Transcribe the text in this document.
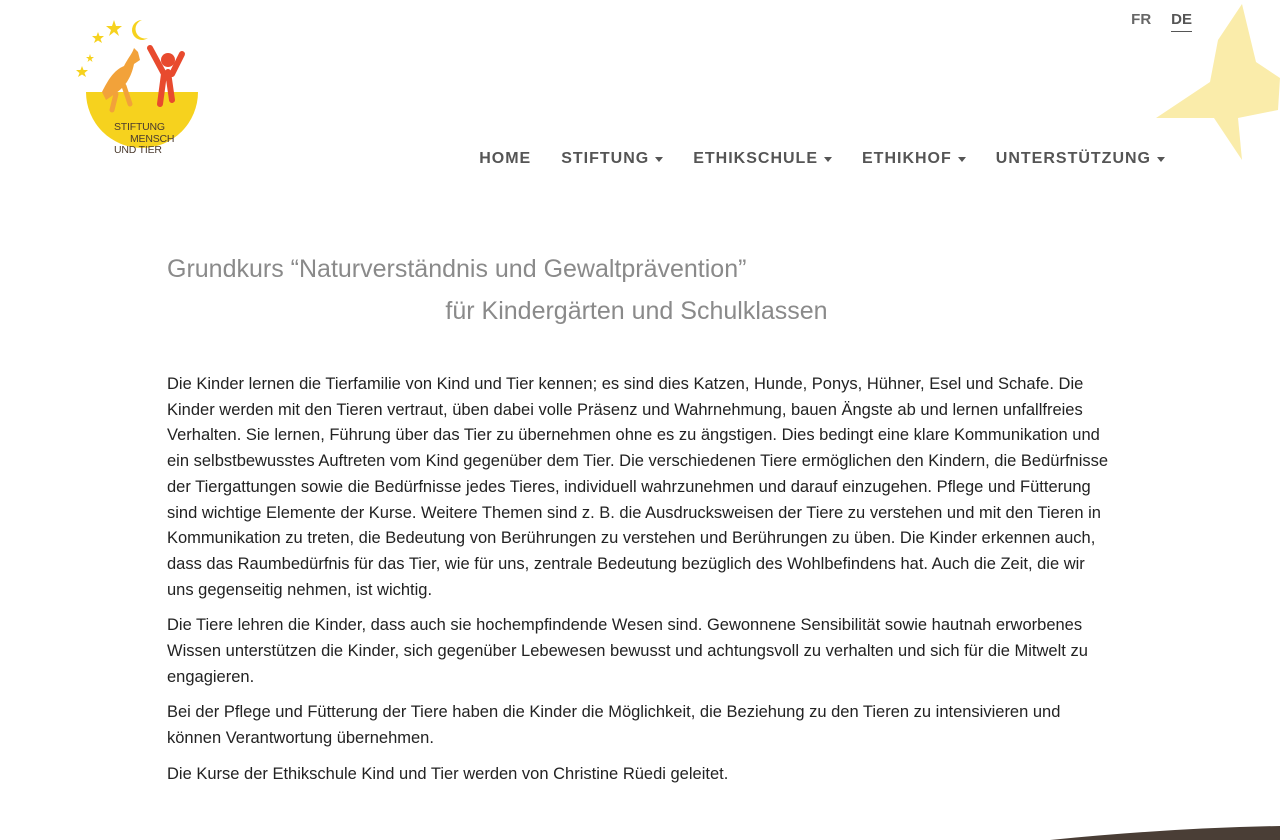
STIFTUNG
MENSCH
UND TIER
FR DE
HOME STIFTUNG	ETHIKSCHULE	ETHIKHOF	UNTERSTÜTZUNG
Grundkurs “Naturverständnis und Gewaltprävention”
für Kindergärten und Schulklassen

Die Kinder lernen die Tierfamilie von Kind und Tier kennen; es sind dies Katzen, Hunde, Ponys, Hühner, Esel und Schafe. Die Kinder werden mit den Tieren vertraut, üben dabei volle Präsenz und Wahrnehmung, bauen Ängste ab und lernen unfallfreies Verhalten. Sie lernen, Führung über das Tier zu übernehmen ohne es zu ängstigen. Dies bedingt eine klare Kommunikation und ein selbstbewusstes Auftreten vom Kind gegenüber dem Tier. Die verschiedenen Tiere ermöglichen den Kindern, die Bedürfnisse der Tiergattungen sowie die Bedürfnisse jedes Tieres, individuell wahrzunehmen und darauf einzugehen. Pflege und Fütterung sind wichtige Elemente der Kurse. Weitere Themen sind z. B. die Ausdrucksweisen der Tiere zu verstehen und mit den Tieren in Kommunikation zu treten, die Bedeutung von Berührungen zu verstehen und Berührungen zu üben. Die Kinder erkennen auch, dass das Raumbedürfnis für das Tier, wie für uns, zentrale Bedeutung bezüglich des Wohlbefindens hat. Auch die Zeit, die wir uns gegenseitig nehmen, ist wichtig.

Die Tiere lehren die Kinder, dass auch sie hochempfindende Wesen sind. Gewonnene Sensibilität sowie hautnah erworbenes Wissen unterstützen die Kinder, sich gegenüber Lebewesen bewusst und achtungsvoll zu verhalten und sich für die Mitwelt zu engagieren.

Bei der Pflege und Fütterung der Tiere haben die Kinder die Möglichkeit, die Beziehung zu den Tieren zu intensivieren und können Verantwortung übernehmen.

Die Kurse der Ethikschule Kind und Tier werden von Christine Rüedi geleitet.
